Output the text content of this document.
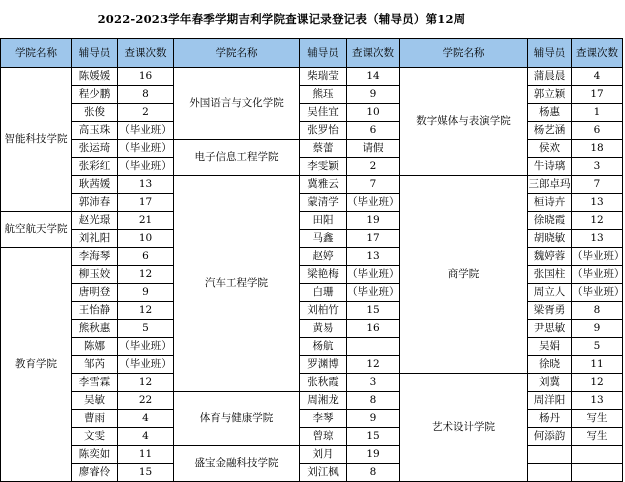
2022-2023学年春季学期吉利学院查课记录登记表（辅导员）第12周
学院名称	辅导员	查课次数	学院名称	辅导员	查课次数	学院名称	辅导员	查课次数
智能科技学院	陈媛媛	16	外国语言与文化学院	柴瑞莹	14	数字媒体与表演学院	蒲晨晨	4
	程少鹏	8		熊珏	9		郭立颖	17
	张俊	2		吴佳宜	10		杨惠	1
	高玉珠	（毕业班）		张罗怡	6		杨艺涵	6
	张运琦	（毕业班）	电子信息工程学院	蔡蕾	请假		侯欢	18
	张彩红	（毕业班）		李雯颖	2		牛诗璃	3
	耿茜媛	13	汽车工程学院	冀雅云	7	商学院	三郎卓玛	7
	郭沛春	17		蒙清学	（毕业班）		桓诗卉	13
航空航天学院	赵光璟	21		田阳	19		徐晓霞	12
	刘礼阳	10		马鑫	17		胡晓敏	13
教育学院	李海琴	6		赵婷	13		魏婷蓉	（毕业班）
	柳玉姣	12		梁艳梅	（毕业班）		张国柱	（毕业班）
	唐明登	9		白珊	（毕业班）		周立人	（毕业班）
	王怡静	12		刘柏竹	15		梁胥勇	8
	熊秋惠	5		黄易	16		尹思敏	9
	陈娜	（毕业班）		杨航			吴娟	5
	邹芮	（毕业班）		罗渊博	12		徐晓	11
	李雪霖	12		张秋霞	3	艺术设计学院	刘冀	12
	吴敏	22	体育与健康学院	周湘龙	8		周洋阳	13
	曹雨	4		李琴	9		杨丹	写生
	文雯	4		曾琼	15		何添韵	写生
	陈奕如	11	盛宝金融科技学院	刘月	19			
	廖睿伶	15		刘江枫	8			
